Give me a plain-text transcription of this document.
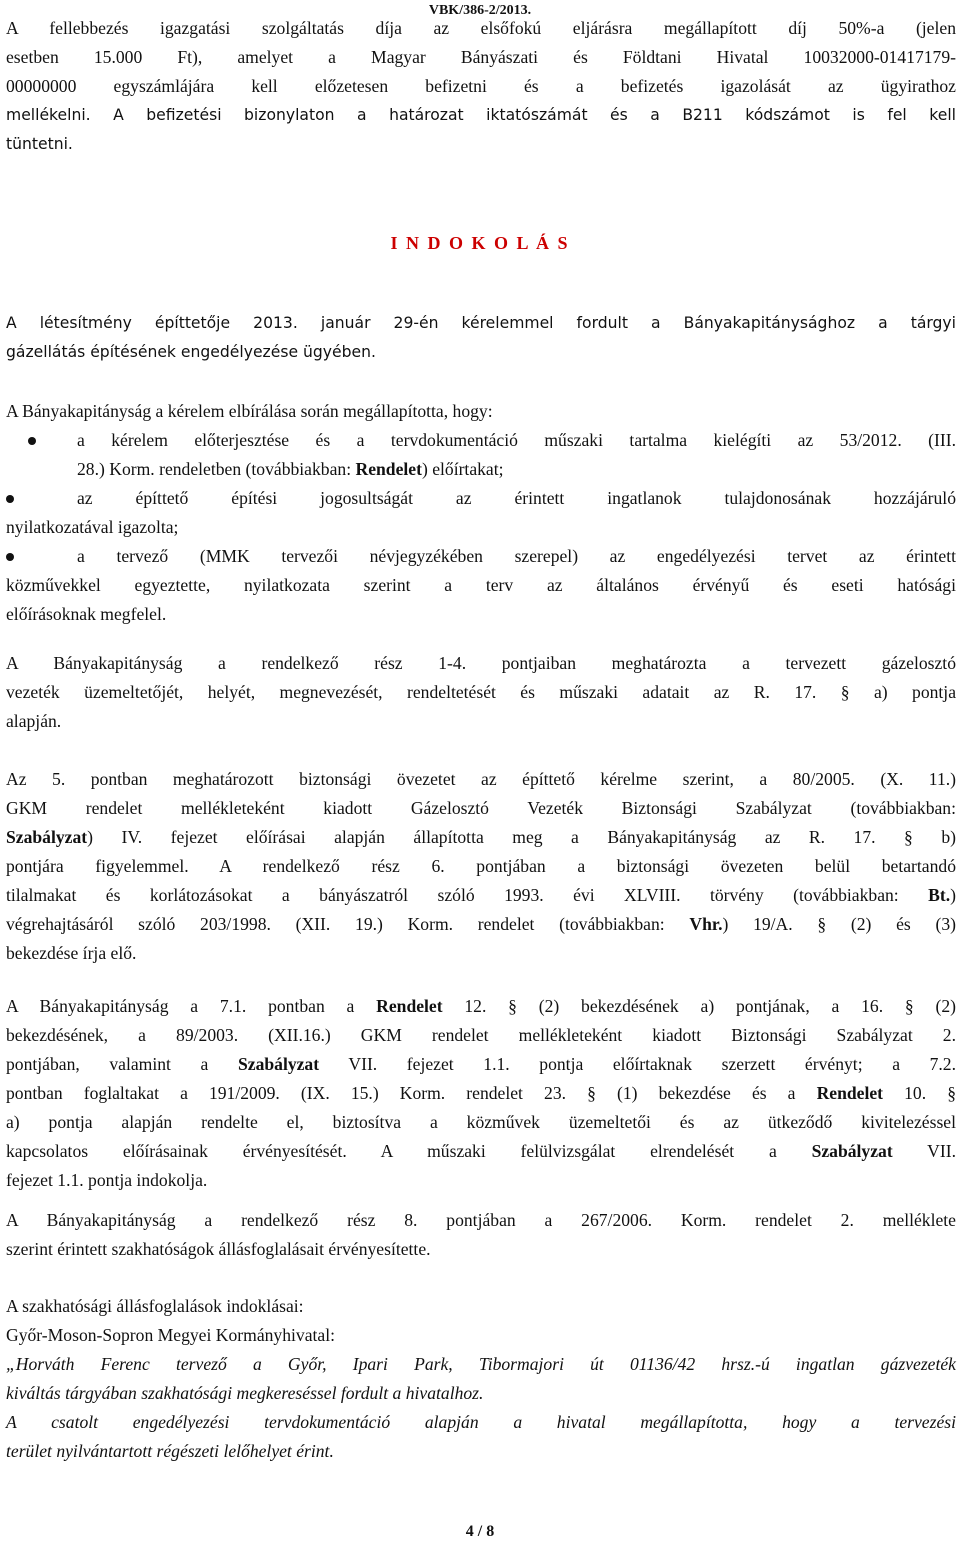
VBK/386-2/2013.

A fellebbezés igazgatási szolgáltatás díja az elsőfokú eljárásra megállapított díj 50%-a (jelen

esetben 15.000 Ft), amelyet a Magyar Bányászati és Földtani Hivatal 10032000-01417179-

00000000 egyszámlájára kell előzetesen befizetni és a befizetés igazolását az ügyirathoz

mellékelni. A befizetési bizonylaton a határozat iktatószámát és a B211 kódszámot is fel kell

tüntetni.

I N D O K O L Á S

A létesítmény építtetője 2013. január 29-én kérelemmel fordult a Bányakapitánysághoz a tárgyi

gázellátás építésének engedélyezése ügyében.

A Bányakapitányság a kérelem elbírálása során megállapította, hogy:

a kérelem előterjesztése és a tervdokumentáció műszaki tartalma kielégíti az 53/2012. (III.

28.) Korm. rendeletben (továbbiakban: Rendelet) előírtakat;

az építtető építési jogosultságát az érintett ingatlanok tulajdonosának hozzájáruló

nyilatkozatával igazolta;

a tervező (MMK tervezői névjegyzékében szerepel) az engedélyezési tervet az érintett

közművekkel egyeztette, nyilatkozata szerint a terv az általános érvényű és eseti hatósági

előírásoknak megfelel.

A Bányakapitányság a rendelkező rész 1-4. pontjaiban meghatározta a tervezett gázelosztó

vezeték üzemeltetőjét, helyét, megnevezését, rendeltetését és műszaki adatait az R. 17. § a) pontja

alapján.

Az 5. pontban meghatározott biztonsági övezetet az építtető kérelme szerint, a 80/2005. (X. 11.)

GKM rendelet mellékleteként kiadott Gázelosztó Vezeték Biztonsági Szabályzat (továbbiakban:

Szabályzat) IV. fejezet előírásai alapján állapította meg a Bányakapitányság az R. 17. § b)

pontjára figyelemmel. A rendelkező rész 6. pontjában a biztonsági övezeten belül betartandó

tilalmakat és korlátozásokat a bányászatról szóló 1993. évi XLVIII. törvény (továbbiakban: Bt.)

végrehajtásáról szóló 203/1998. (XII. 19.) Korm. rendelet (továbbiakban: Vhr.) 19/A. § (2) és (3)

bekezdése írja elő.

A Bányakapitányság a 7.1. pontban a Rendelet 12. § (2) bekezdésének a) pontjának, a 16. § (2)

bekezdésének, a 89/2003. (XII.16.) GKM rendelet mellékleteként kiadott Biztonsági Szabályzat 2.

pontjában, valamint a Szabályzat VII. fejezet 1.1. pontja előírtaknak szerzett érvényt; a 7.2.

pontban foglaltakat a 191/2009. (IX. 15.) Korm. rendelet 23. § (1) bekezdése és a Rendelet 10. §

a) pontja alapján rendelte el, biztosítva a közművek üzemeltetői és az ütkeződő kivitelezéssel

kapcsolatos előírásainak érvényesítését. A műszaki felülvizsgálat elrendelését a Szabályzat VII.

fejezet 1.1. pontja indokolja.

A Bányakapitányság a rendelkező rész 8. pontjában a 267/2006. Korm. rendelet 2. melléklete

szerint érintett szakhatóságok állásfoglalásait érvényesítette.

A szakhatósági állásfoglalások indoklásai:

Győr-Moson-Sopron Megyei Kormányhivatal:

„Horváth Ferenc tervező a Győr, Ipari Park, Tibormajori út 01136/42 hrsz.-ú ingatlan gázvezeték

kiváltás tárgyában szakhatósági megkereséssel fordult a hivatalhoz.

A csatolt engedélyezési tervdokumentáció alapján a hivatal megállapította, hogy a tervezési

terület nyilvántartott régészeti lelőhelyet érint.

4 / 8
